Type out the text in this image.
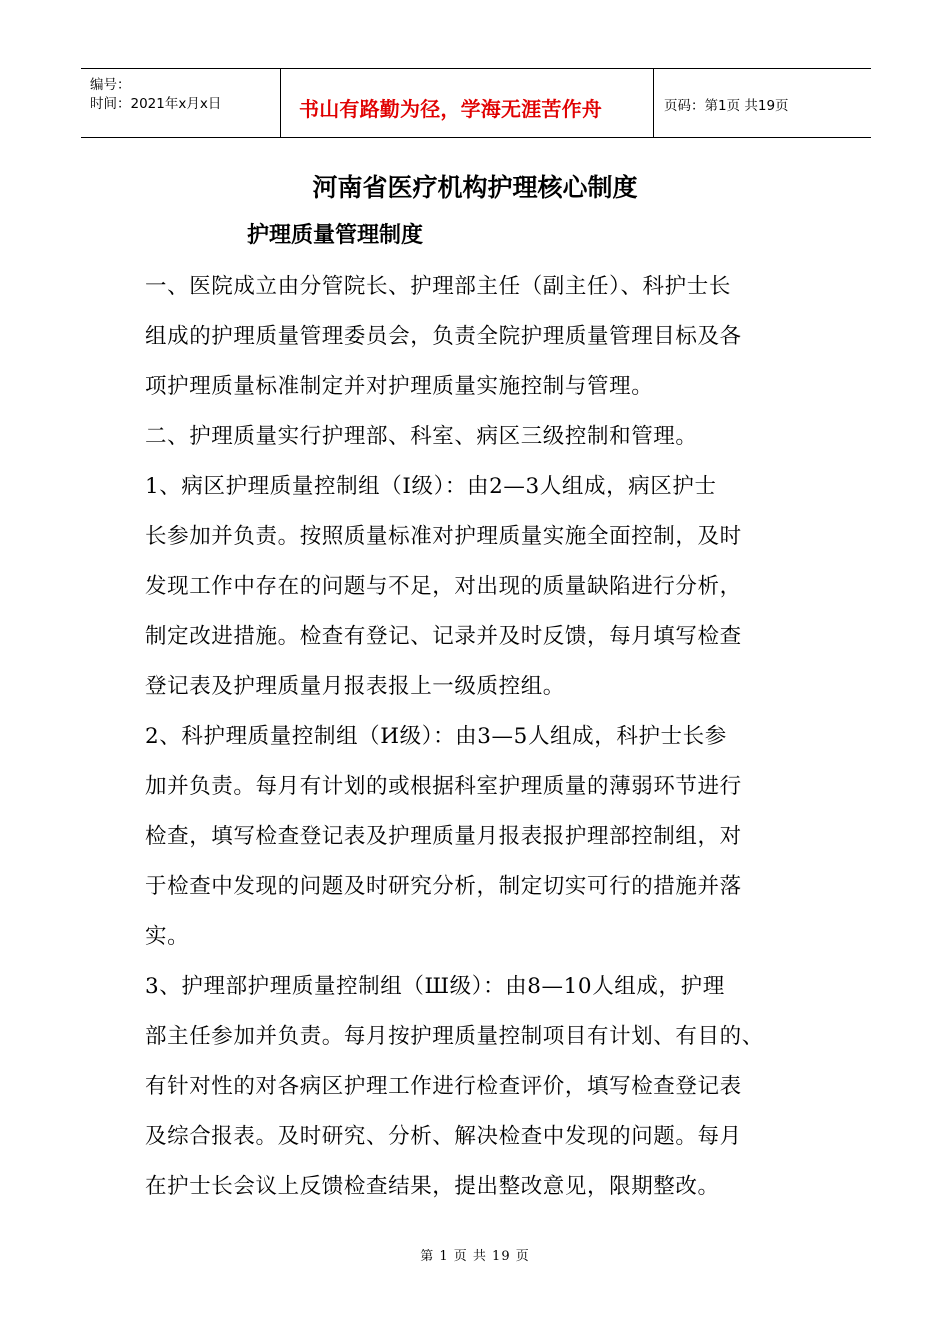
编号：
时间：2021年x月x日	书山有路勤为径，学海无涯苦作舟	页码：第1页 共19页
河南省医疗机构护理核心制度
护理质量管理制度
一、医院成立由分管院长、护理部主任（副主任）、科护士长
组成的护理质量管理委员会，负责全院护理质量管理目标及各
项护理质量标准制定并对护理质量实施控制与管理。
二、护理质量实行护理部、科室、病区三级控制和管理。
1、病区护理质量控制组（I级）：由2—3人组成，病区护士
长参加并负责。按照质量标准对护理质量实施全面控制，及时
发现工作中存在的问题与不足，对出现的质量缺陷进行分析，
制定改进措施。检查有登记、记录并及时反馈，每月填写检查
登记表及护理质量月报表报上一级质控组。
2、科护理质量控制组（И级）：由3—5人组成，科护士长参
加并负责。每月有计划的或根据科室护理质量的薄弱环节进行
检查，填写检查登记表及护理质量月报表报护理部控制组，对
于检查中发现的问题及时研究分析，制定切实可行的措施并落
实。
3、护理部护理质量控制组（Ш级）：由8—10人组成，护理
部主任参加并负责。每月按护理质量控制项目有计划、有目的、
有针对性的对各病区护理工作进行检查评价，填写检查登记表
及综合报表。及时研究、分析、解决检查中发现的问题。每月
在护士长会议上反馈检查结果，提出整改意见，限期整改。
第 1 页 共 19 页
